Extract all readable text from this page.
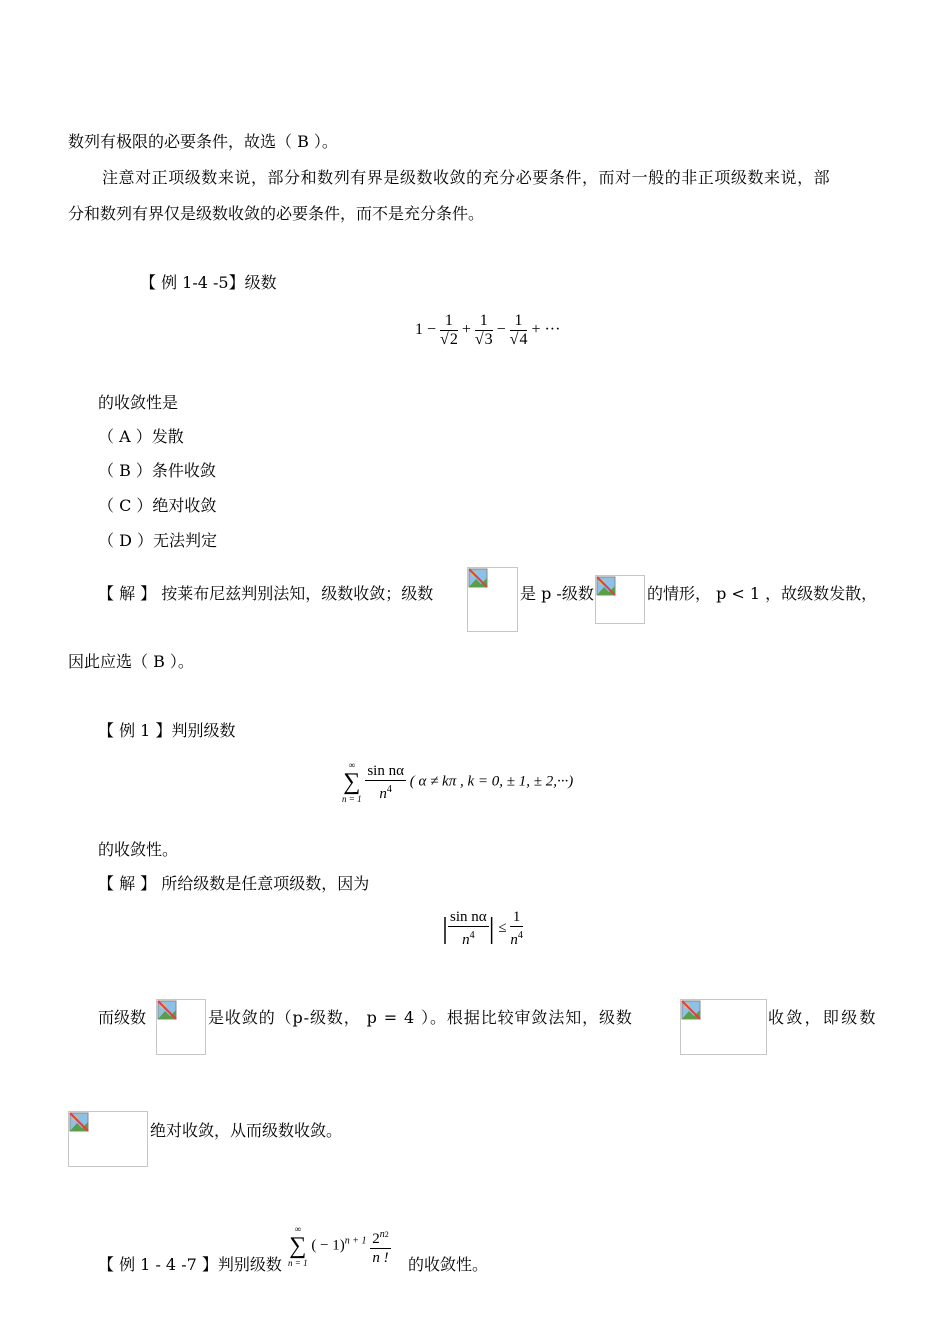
数列有极限的必要条件，故选（ B ）。
注意对正项级数来说，部分和数列有界是级数收敛的充分必要条件，而对一般的非正项级数来说，部
分和数列有界仅是级数收敛的必要条件，而不是充分条件。
【 例 1-4 -5】级数
$1 - \frac{1}{√2} + \frac{1}{√3} - \frac{1}{√4}$ + ···
的收敛性是
（ A ）发散
（ B ）条件收敛
（ C ）绝对收敛
（ D ）无法判定
【 解 】 按莱布尼兹判别法知，级数收敛；级数	是 p -级数	的情形， p < 1 ，故级数发散，
因此应选（ B ）。
【 例 1 】判别级数
∞
∑
n = 1
$\frac{\text{sin nα}}{n^4}$ ( α ≠ kπ , k = 0, ± 1, ± 2,···)
的收敛性。
【 解 】 所给级数是任意项级数，因为
| $\frac{\text{sin nα}}{n^4}$ | ≤ $\frac{1}{n^4}$
而级数	是收敛的（p-级数， p = 4 ）。根据比较审敛法知，级数	收敛，即级数
绝对收敛，从而级数收敛。
【 例 1 - 4 -7 】判别级数
∞
∑
n = 1
( − $1)^{n + 1} \frac{2^{n2}}{n !}$ 的收敛性。
